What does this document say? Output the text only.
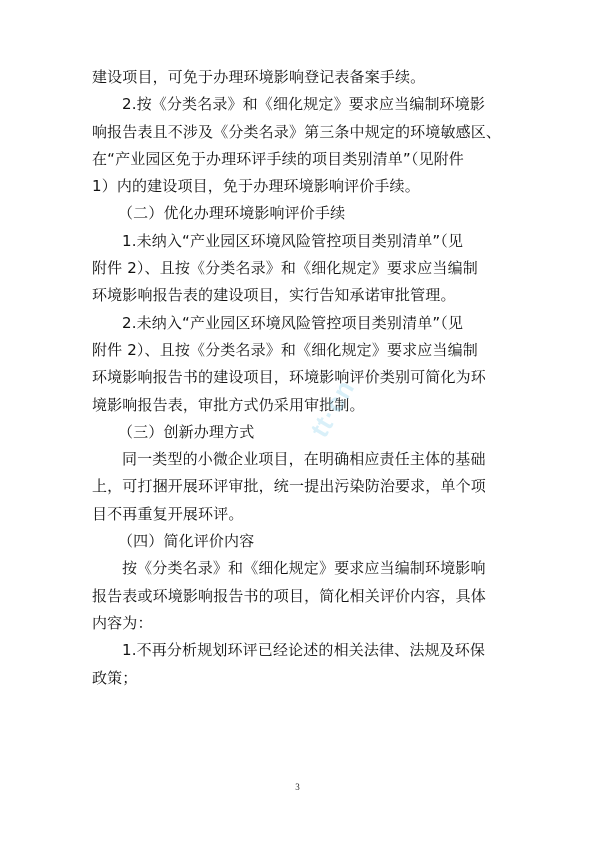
建设项目，可免于办理环境影响登记表备案手续。
2.按《分类名录》和《细化规定》要求应当编制环境影
响报告表且不涉及《分类名录》第三条中规定的环境敏感区、
在“产业园区免于办理环评手续的项目类别清单”（见附件
1）内的建设项目，免于办理环境影响评价手续。
（二）优化办理环境影响评价手续
1.未纳入“产业园区环境风险管控项目类别清单”（见
附件 2）、且按《分类名录》和《细化规定》要求应当编制
环境影响报告表的建设项目，实行告知承诺审批管理。
2.未纳入“产业园区环境风险管控项目类别清单”（见
附件 2）、且按《分类名录》和《细化规定》要求应当编制
环境影响报告书的建设项目，环境影响评价类别可简化为环
境影响报告表，审批方式仍采用审批制。
（三）创新办理方式
同一类型的小微企业项目，在明确相应责任主体的基础
上，可打捆开展环评审批，统一提出污染防治要求，单个项
目不再重复开展环评。
（四）简化评价内容
按《分类名录》和《细化规定》要求应当编制环境影响
报告表或环境影响报告书的项目，简化相关评价内容，具体
内容为：
1.不再分析规划环评已经论述的相关法律、法规及环保
政策；
tt·cn
3
